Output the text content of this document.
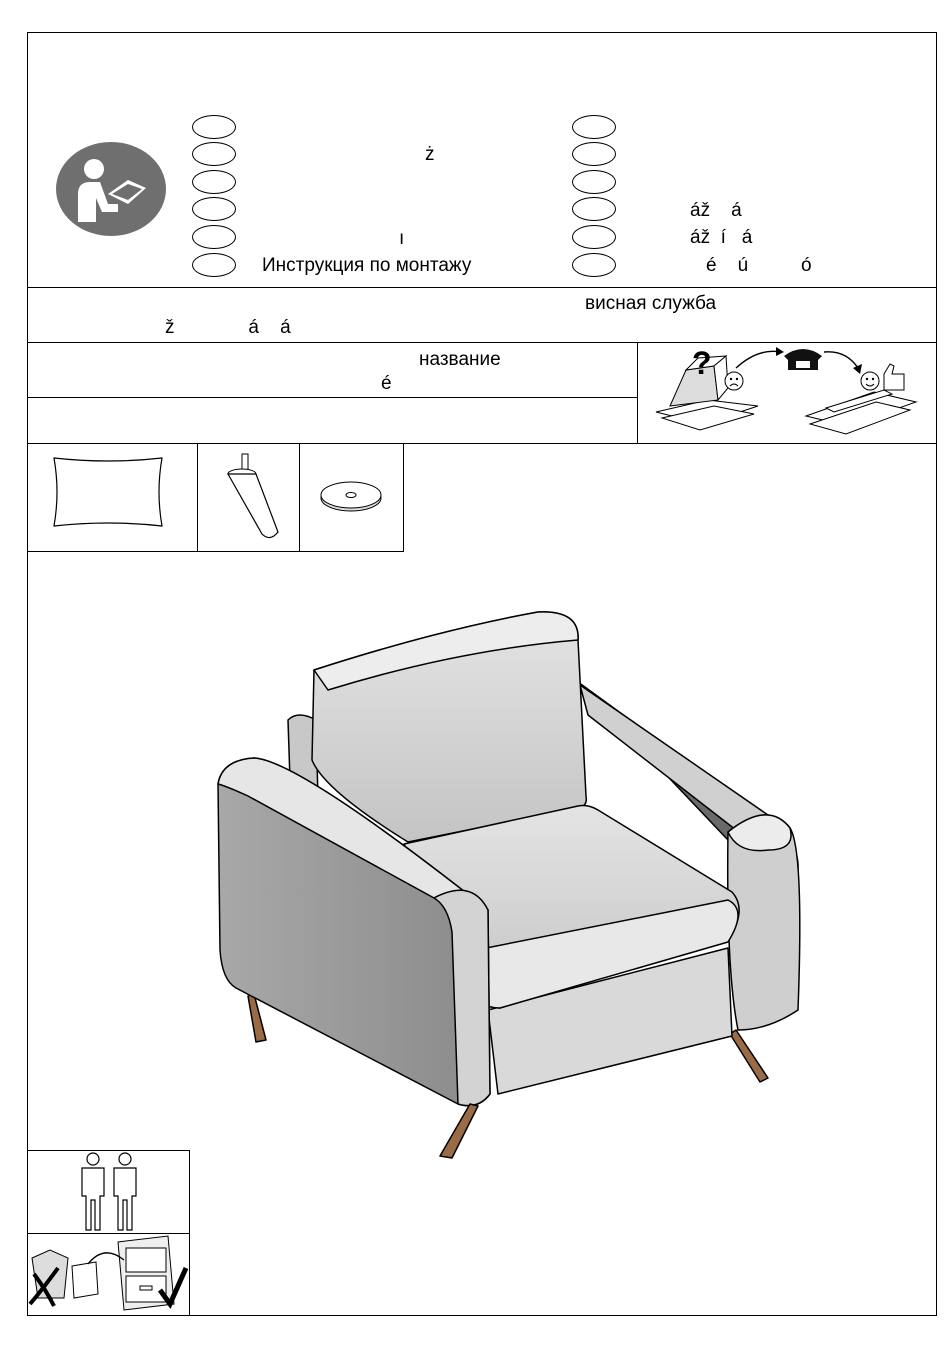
ż
ı
Инструкция по монтажу
áž    á
áž  í   á
é    ú          ó
висная служба
ž              á    á
название
é
?
